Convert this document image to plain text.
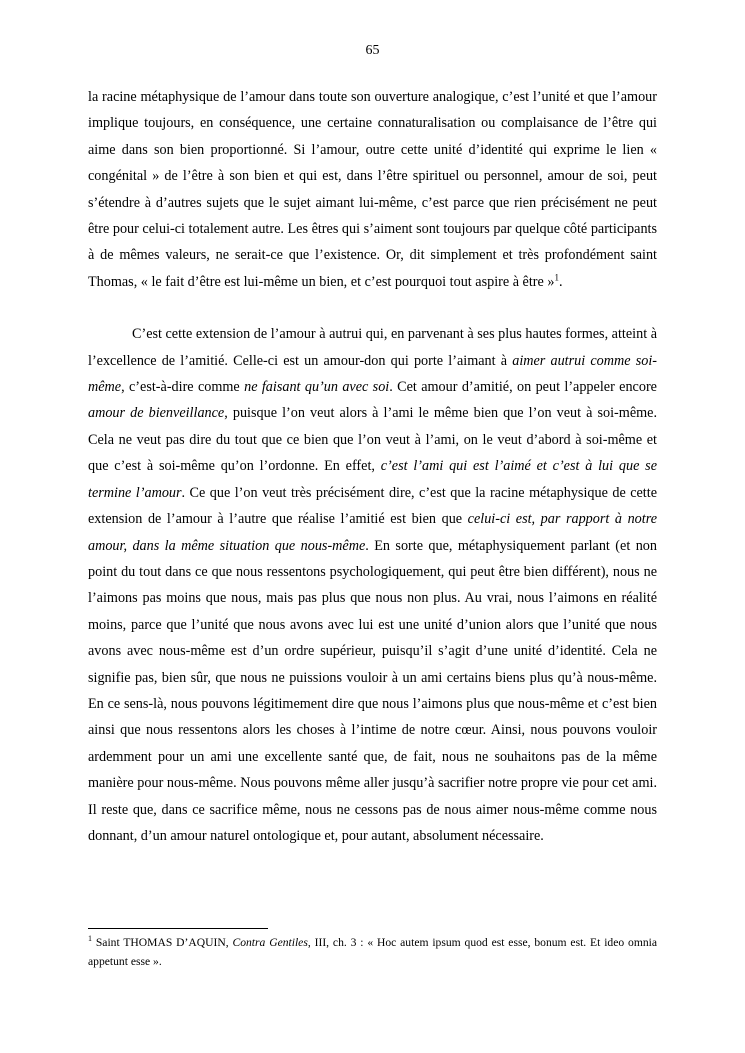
65

la racine métaphysique de l’amour dans toute son ouverture analogique, c’est l’unité et que l’amour implique toujours, en conséquence, une certaine connaturalisation ou complaisance de l’être qui aime dans son bien proportionné. Si l’amour, outre cette unité d’identité qui exprime le lien « congénital » de l’être à son bien et qui est, dans l’être spirituel ou personnel, amour de soi, peut s’étendre à d’autres sujets que le sujet aimant lui-même, c’est parce que rien précisément ne peut être pour celui-ci totalement autre. Les êtres qui s’aiment sont toujours par quelque côté participants à de mêmes valeurs, ne serait-ce que l’existence. Or, dit simplement et très profondément saint Thomas, « le fait d’être est lui-même un bien, et c’est pourquoi tout aspire à être »$^1$.

C’est cette extension de l’amour à autrui qui, en parvenant à ses plus hautes formes, atteint à l’excellence de l’amitié. Celle-ci est un amour-don qui porte l’aimant à aimer autrui comme soi-même, c’est-à-dire comme ne faisant qu’un avec soi. Cet amour d’amitié, on peut l’appeler encore amour de bienveillance, puisque l’on veut alors à l’ami le même bien que l’on veut à soi-même. Cela ne veut pas dire du tout que ce bien que l’on veut à l’ami, on le veut d’abord à soi-même et que c’est à soi-même qu’on l’ordonne. En effet, c’est l’ami qui est l’aimé et c’est à lui que se termine l’amour. Ce que l’on veut très précisément dire, c’est que la racine métaphysique de cette extension de l’amour à l’autre que réalise l’amitié est bien que celui-ci est, par rapport à notre amour, dans la même situation que nous-même. En sorte que, métaphysiquement parlant (et non point du tout dans ce que nous ressentons psychologiquement, qui peut être bien différent), nous ne l’aimons pas moins que nous, mais pas plus que nous non plus. Au vrai, nous l’aimons en réalité moins, parce que l’unité que nous avons avec lui est une unité d’union alors que l’unité que nous avons avec nous-même est d’un ordre supérieur, puisqu’il s’agit d’une unité d’identité. Cela ne signifie pas, bien sûr, que nous ne puissions vouloir à un ami certains biens plus qu’à nous-même. En ce sens-là, nous pouvons légitimement dire que nous l’aimons plus que nous-même et c’est bien ainsi que nous ressentons alors les choses à l’intime de notre cœur. Ainsi, nous pouvons vouloir ardemment pour un ami une excellente santé que, de fait, nous ne souhaitons pas de la même manière pour nous-même. Nous pouvons même aller jusqu’à sacrifier notre propre vie pour cet ami. Il reste que, dans ce sacrifice même, nous ne cessons pas de nous aimer nous-même comme nous donnant, d’un amour naturel ontologique et, pour autant, absolument nécessaire.

$^1$ Saint THOMAS D’AQUIN, Contra Gentiles, III, ch. 3 : « Hoc autem ipsum quod est esse, bonum est. Et ideo omnia appetunt esse ».
